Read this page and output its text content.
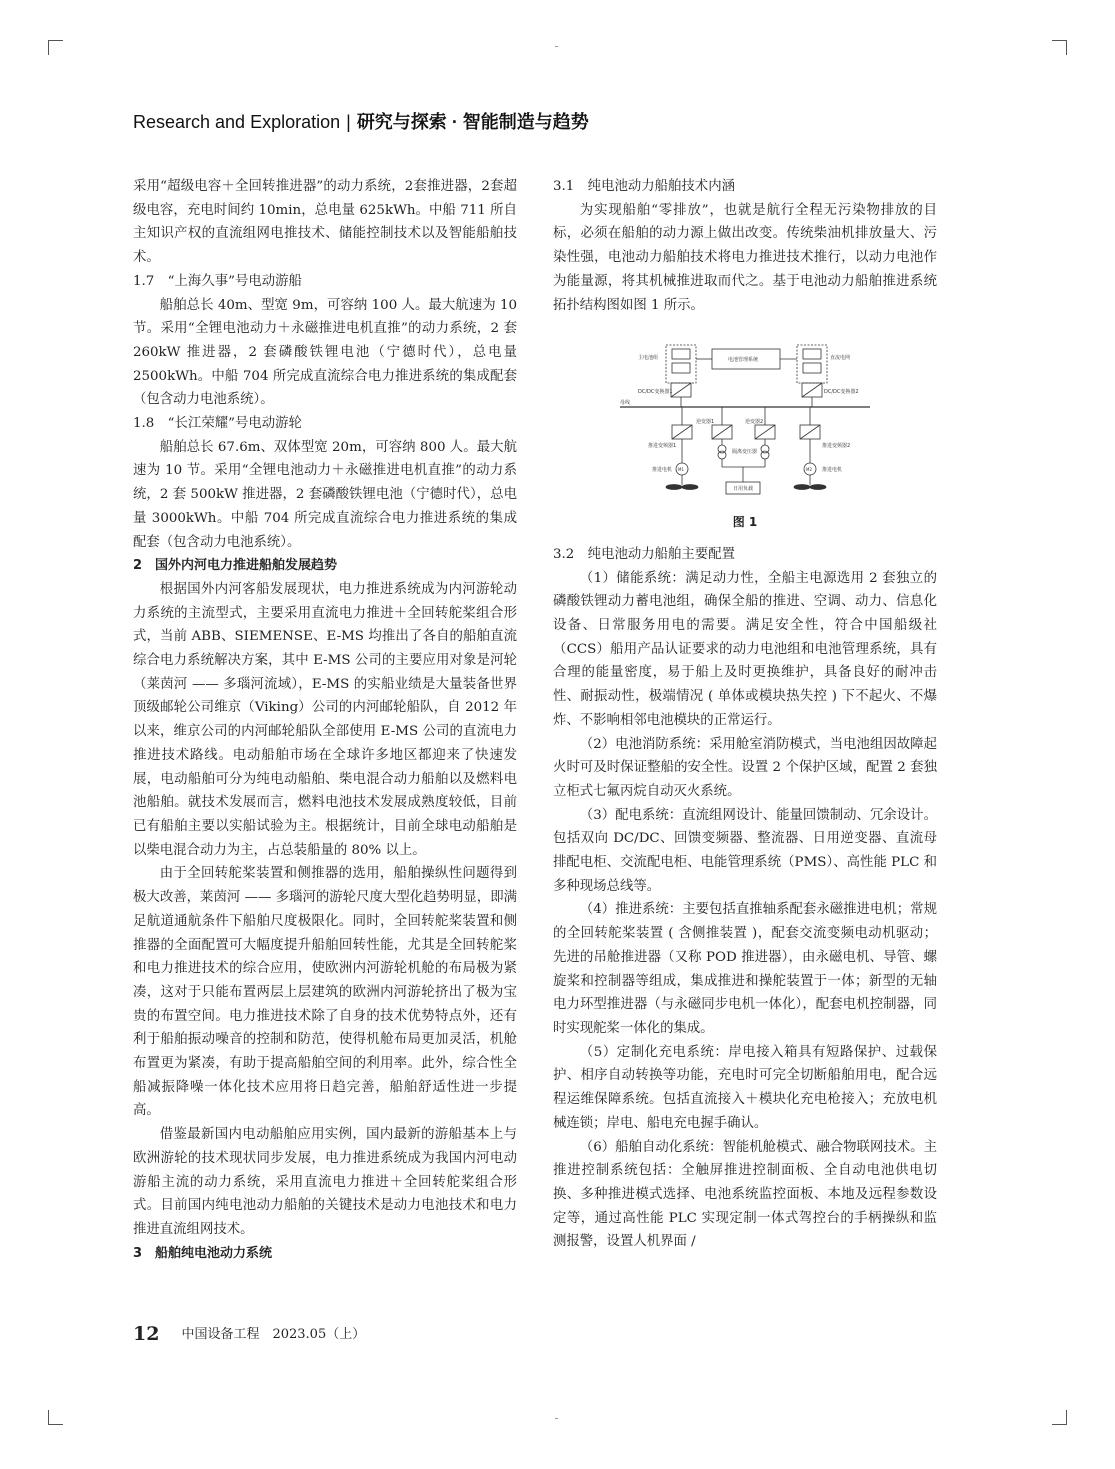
Research and Exploration | 研究与探索 · 智能制造与趋势

采用“超级电容＋全回转推进器”的动力系统，2套推进器，2套超级电容，充电时间约 10min，总电量 625kWh。中船 711 所自主知识产权的直流组网电推技术、储能控制技术以及智能船舶技术。

1.7　“上海久事”号电动游船

船舶总长 40m、型宽 9m，可容纳 100 人。最大航速为 10 节。采用“全锂电池动力＋永磁推进电机直推”的动力系统，2 套 260kW 推进器，2 套磷酸铁锂电池（宁德时代），总电量 2500kWh。中船 704 所完成直流综合电力推进系统的集成配套（包含动力电池系统）。

1.8　“长江荣耀”号电动游轮

船舶总长 67.6m、双体型宽 20m，可容纳 800 人。最大航速为 10 节。采用“全锂电池动力＋永磁推进电机直推”的动力系统，2 套 500kW 推进器，2 套磷酸铁锂电池（宁德时代），总电量 3000kWh。中船 704 所完成直流综合电力推进系统的集成配套（包含动力电池系统）。

2　国外内河电力推进船舶发展趋势

根据国外内河客船发展现状，电力推进系统成为内河游轮动力系统的主流型式，主要采用直流电力推进＋全回转舵桨组合形式，当前 ABB、SIEMENSE、E-MS 均推出了各自的船舶直流综合电力系统解决方案，其中 E-MS 公司的主要应用对象是河轮（莱茵河 —— 多瑙河流域），E-MS 的实船业绩是大量装备世界顶级邮轮公司维京（Viking）公司的内河邮轮船队，自 2012 年以来，维京公司的内河邮轮船队全部使用 E-MS 公司的直流电力推进技术路线。电动船舶市场在全球许多地区都迎来了快速发展，电动船舶可分为纯电动船舶、柴电混合动力船舶以及燃料电池船舶。就技术发展而言，燃料电池技术发展成熟度较低，目前已有船舶主要以实船试验为主。根据统计，目前全球电动船舶是以柴电混合动力为主，占总装船量的 80% 以上。

由于全回转舵桨装置和侧推器的选用，船舶操纵性问题得到极大改善，莱茵河 —— 多瑙河的游轮尺度大型化趋势明显，即满足航道通航条件下船舶尺度极限化。同时，全回转舵桨装置和侧推器的全面配置可大幅度提升船舶回转性能，尤其是全回转舵桨和电力推进技术的综合应用，使欧洲内河游轮机舱的布局极为紧凑，这对于只能布置两层上层建筑的欧洲内河游轮挤出了极为宝贵的布置空间。电力推进技术除了自身的技术优势特点外，还有利于船舶振动噪音的控制和防范，使得机舱布局更加灵活，机舱布置更为紧凑，有助于提高船舶空间的利用率。此外，综合性全船减振降噪一体化技术应用将日趋完善，船舶舒适性进一步提高。

借鉴最新国内电动船舶应用实例，国内最新的游船基本上与欧洲游轮的技术现状同步发展，电力推进系统成为我国内河电动游船主流的动力系统，采用直流电力推进＋全回转舵桨组合形式。目前国内纯电池动力船舶的关键技术是动力电池技术和电力推进直流组网技术。

3　船舶纯电池动力系统
3.1　纯电池动力船舶技术内涵

为实现船舶“零排放”，也就是航行全程无污染物排放的目标，必须在船舶的动力源上做出改变。传统柴油机排放量大、污染性强，电池动力船舶技术将电力推进技术推行，以动力电池作为能量源，将其机械推进取而代之。基于电池动力船舶推进系统拓扑结构图如图 1 所示。

主电池组	直流电网
电池管理系统
DC/DC变换器1	DC/DC变换器2
母线
逆变器1	逆变器2
推进变频器1	推进变频器2
隔离变压器
日用负载
推进电机	推进电机
M1	M2
图 1
3.2　纯电池动力船舶主要配置

（1）储能系统：满足动力性，全船主电源选用 2 套独立的磷酸铁锂动力蓄电池组，确保全船的推进、空调、动力、信息化设备、日常服务用电的需要。满足安全性，符合中国船级社（CCS）船用产品认证要求的动力电池组和电池管理系统，具有合理的能量密度，易于船上及时更换维护，具备良好的耐冲击性、耐振动性，极端情况 ( 单体或模块热失控 ) 下不起火、不爆炸、不影响相邻电池模块的正常运行。

（2）电池消防系统：采用舱室消防模式，当电池组因故障起火时可及时保证整船的安全性。设置 2 个保护区域，配置 2 套独立柜式七氟丙烷自动灭火系统。

（3）配电系统：直流组网设计、能量回馈制动、冗余设计。包括双向 DC/DC、回馈变频器、整流器、日用逆变器、直流母排配电柜、交流配电柜、电能管理系统（PMS）、高性能 PLC 和多种现场总线等。

（4）推进系统：主要包括直推轴系配套永磁推进电机；常规的全回转舵桨装置 ( 含侧推装置 )，配套交流变频电动机驱动；先进的吊舱推进器（又称 POD 推进器），由永磁电机、导管、螺旋桨和控制器等组成，集成推进和操舵装置于一体；新型的无轴电力环型推进器（与永磁同步电机一体化），配套电机控制器，同时实现舵桨一体化的集成。

（5）定制化充电系统：岸电接入箱具有短路保护、过载保护、相序自动转换等功能，充电时可完全切断船舶用电，配合远程运维保障系统。包括直流接入＋模块化充电枪接入；充放电机械连锁；岸电、船电充电握手确认。

（6）船舶自动化系统：智能机舱模式、融合物联网技术。主推进控制系统包括：全触屏推进控制面板、全自动电池供电切换、多种推进模式选择、电池系统监控面板、本地及远程参数设定等，通过高性能 PLC 实现定制一体式驾控台的手柄操纵和监测报警，设置人机界面 /

12 中国设备工程　2023.05（上）
